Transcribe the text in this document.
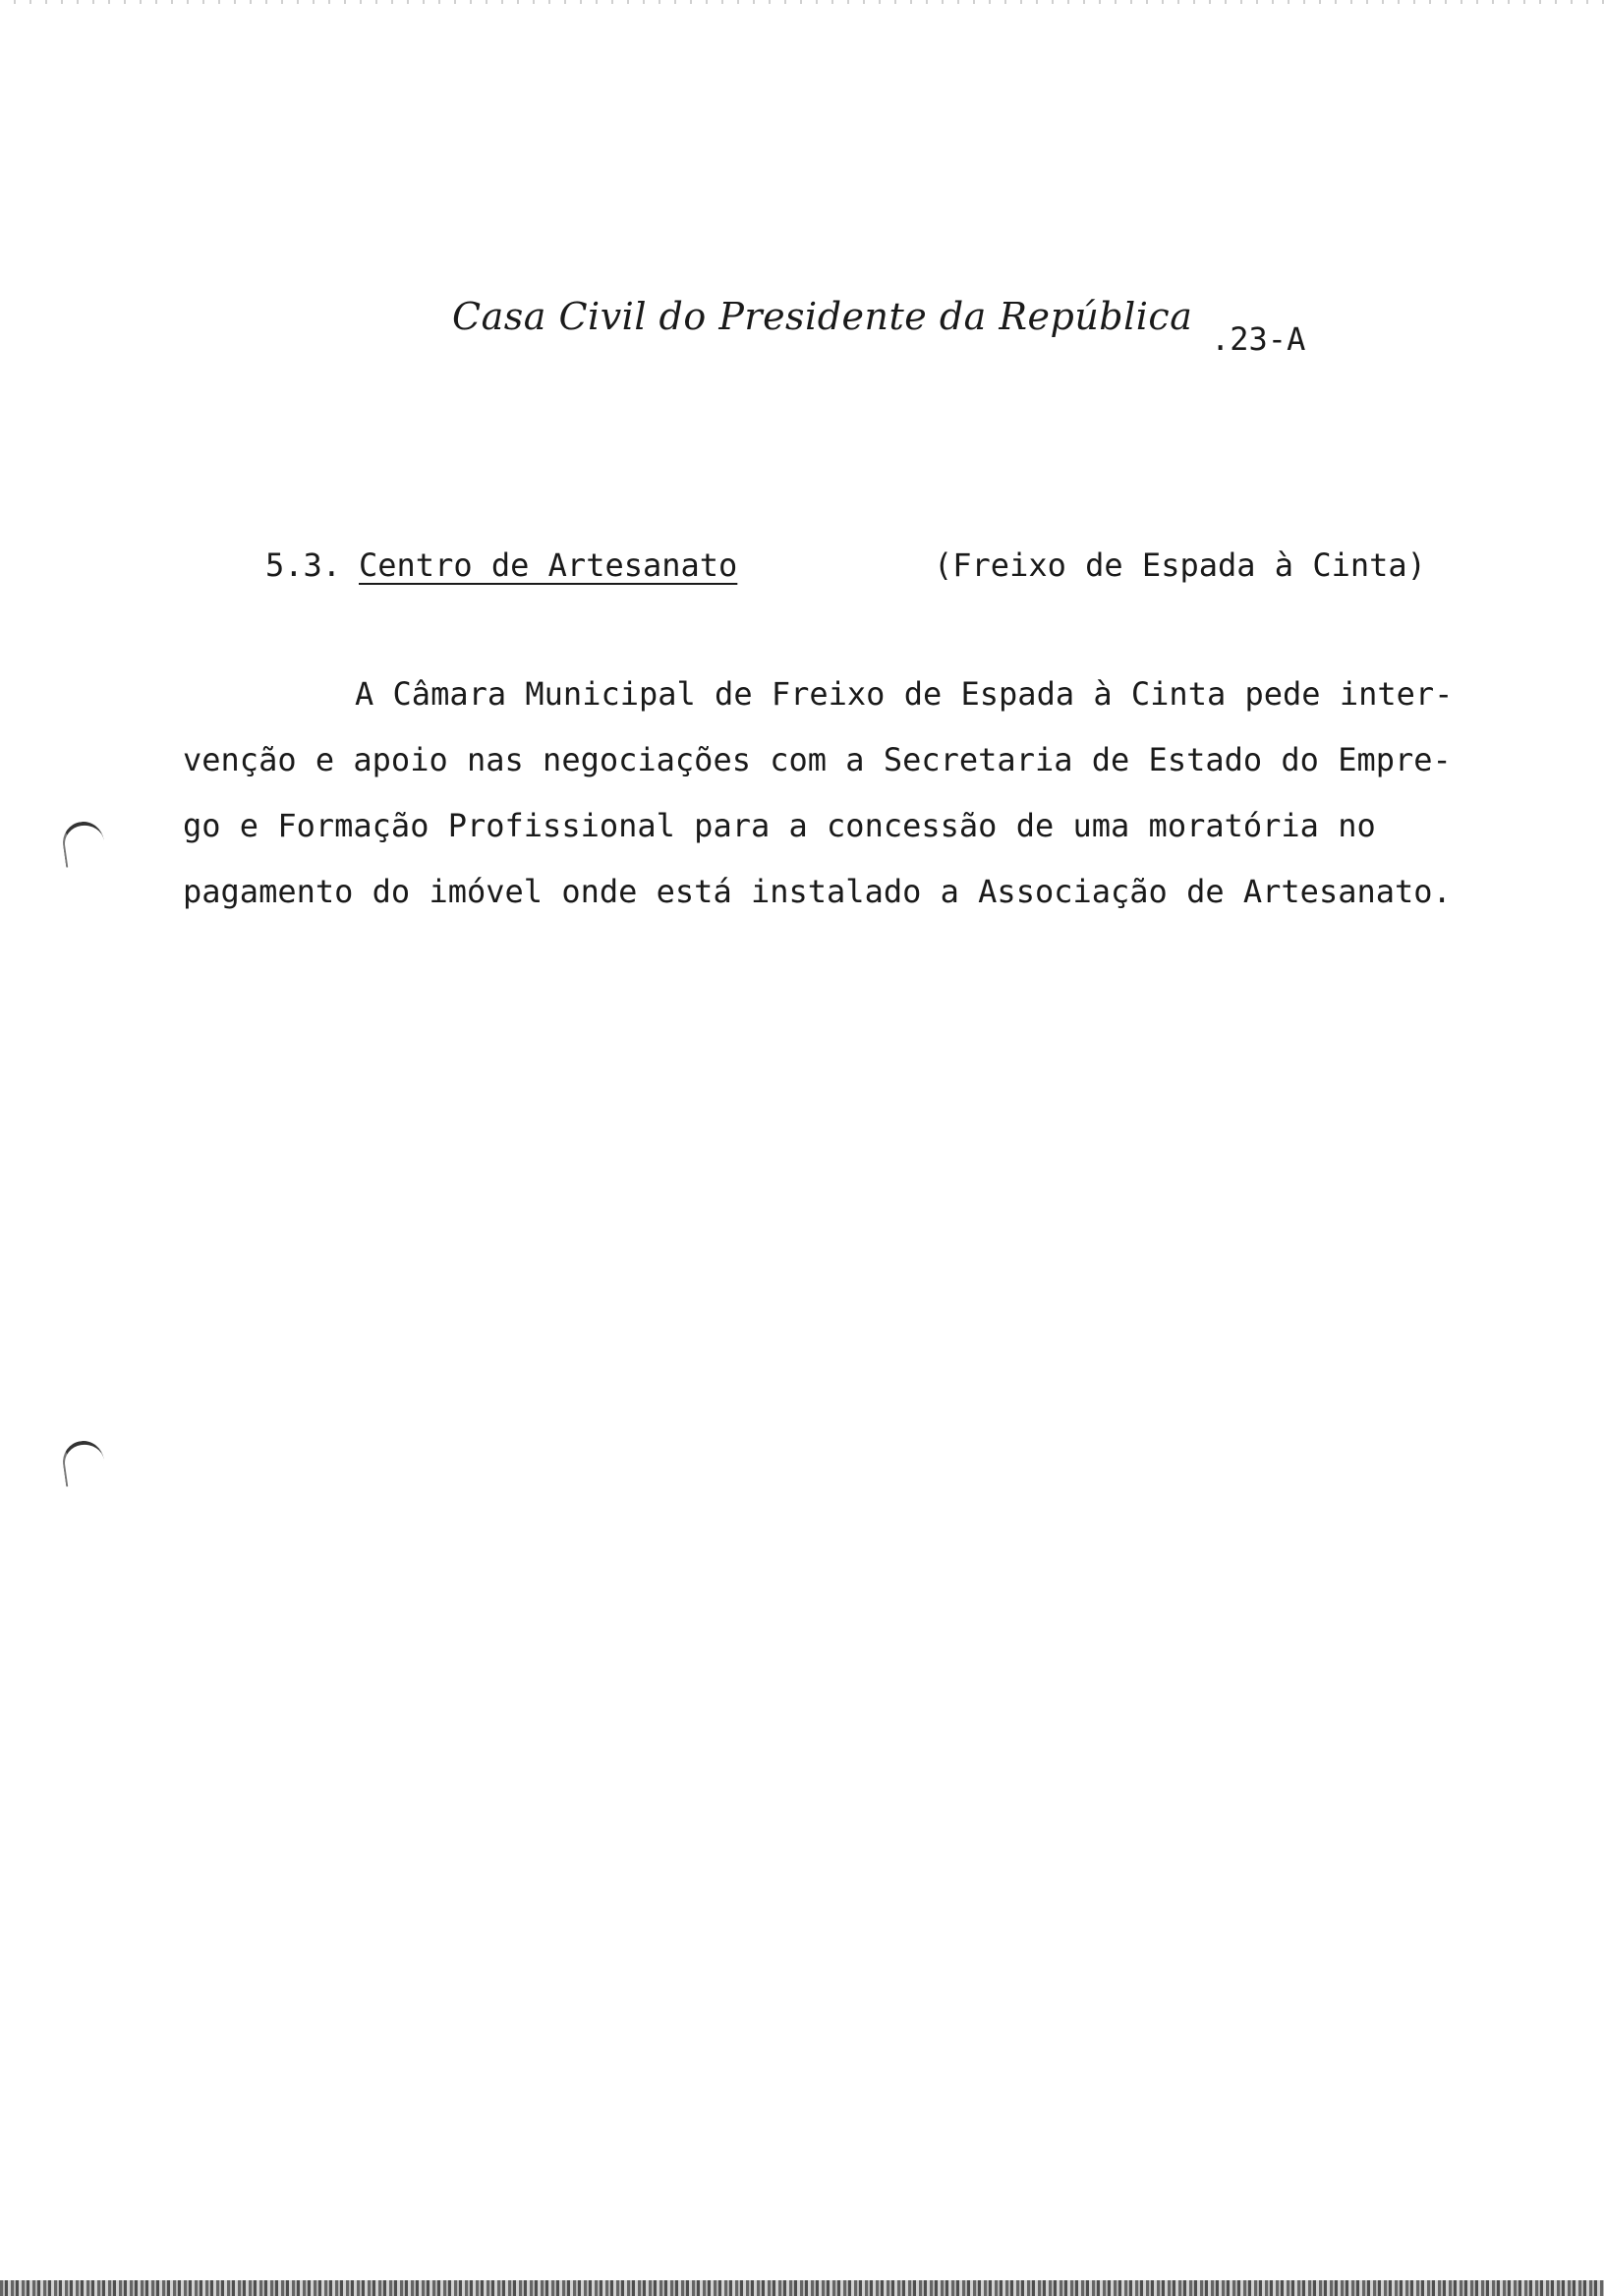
Casa Civil do Presidente da República
.23-A
5.3. Centro de Artesanato	(Freixo de Espada à Cinta)
A Câmara Municipal de Freixo de Espada à Cinta pede inter-
venção e apoio nas negociações com a Secretaria de Estado do Empre-
go e Formação Profissional para a concessão de uma moratória no
pagamento do imóvel onde está instalado a Associação de Artesanato.
